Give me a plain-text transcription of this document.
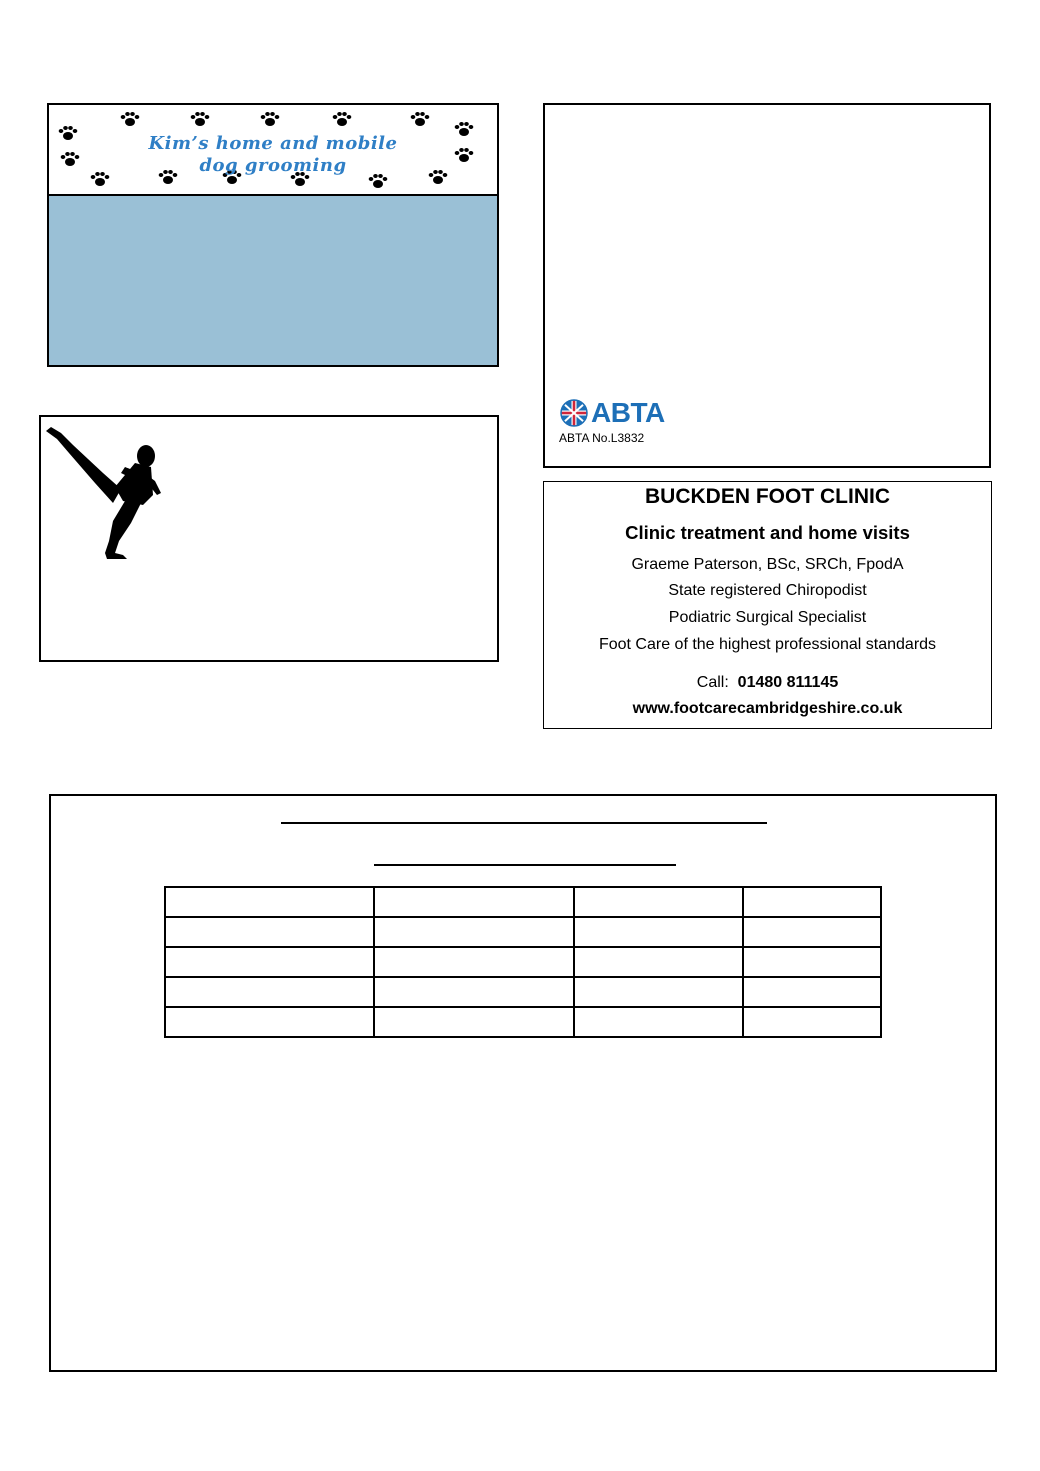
Kim’s home and mobile
dog grooming
ABTA
ABTA No.L3832
BUCKDEN FOOT CLINIC
Clinic treatment and home visits
Graeme Paterson, BSc, SRCh, FpodA
State registered Chiropodist
Podiatric Surgical Specialist
Foot Care of the highest professional standards
Call: 01480 811145
www.footcarecambridgeshire.co.uk
